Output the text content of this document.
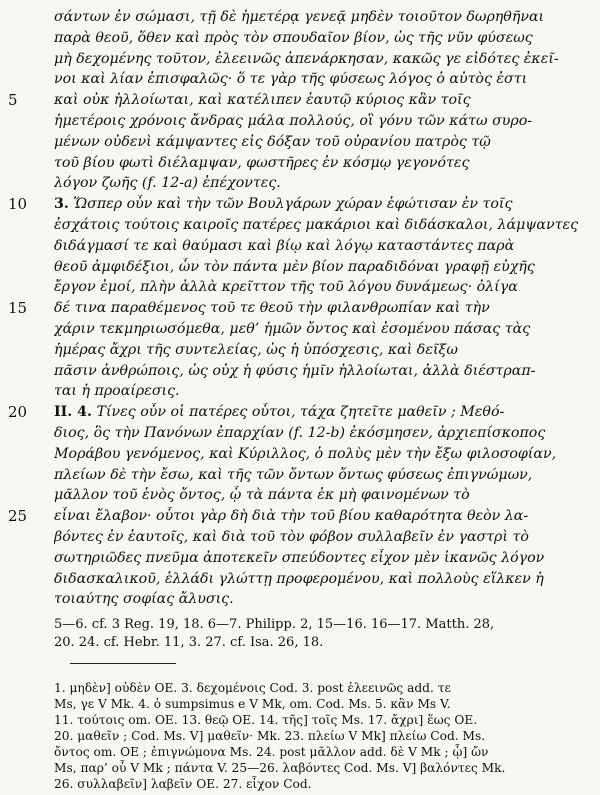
σάντων ἐν σώμασι, τῇ δὲ ἡμετέρᾳ γενεᾷ μηδὲν τοιοῦτον δωρηθῆναι
παρὰ θεοῦ, ὅθεν καὶ πρὸς τὸν σπουδαῖον βίον, ὡς τῆς νῦν φύσεως
μὴ δεχομένης τοῦτον, ἐλεεινῶς ἀπενάρκησαν, κακῶς γε εἰδότες ἐκεῖ-
νοι καὶ λίαν ἐπισφαλῶς· ὅ τε γὰρ τῆς φύσεως λόγος ὁ αὐτὸς ἐστι
5	καὶ οὐκ ἠλλοίωται, καὶ κατέλιπεν ἑαυτῷ κύριος κἂν τοῖς
ἡμετέροις χρόνοις ἄνδρας μάλα πολλούς, οἳ γόνυ τῶν κάτω συρο-
μένων οὐδενὶ κάμψαντες εἰς δόξαν τοῦ οὐρανίου πατρὸς τῷ
τοῦ βίου φωτὶ διέλαμψαν, φωστῆρες ἐν κόσμῳ γεγονότες
λόγον ζωῆς (f. 12-a) ἐπέχοντες.
10	3. Ὥσπερ οὖν καὶ τὴν τῶν Βουλγάρων χώραν ἐφώτισαν ἐν τοῖς
ἐσχάτοις τούτοις καιροῖς πατέρες μακάριοι καὶ διδάσκαλοι, λάμψαντες
διδάγμασί τε καὶ θαύμασι καὶ βίῳ καὶ λόγῳ καταστάντες παρὰ
θεοῦ ἀμφιδέξιοι, ὧν τὸν πάντα μὲν βίον παραδιδόναι γραφῇ εὐχῆς
ἔργον ἐμοί, πλὴν ἀλλὰ κρεῖττον τῆς τοῦ λόγου δυνάμεως· ὀλίγα
15	δέ τινα παραθέμενος τοῦ τε θεοῦ τὴν φιλανθρωπίαν καὶ τὴν
χάριν τεκμηριωσόμεθα, μεθ’ ἡμῶν ὄντος καὶ ἐσομένου πάσας τὰς
ἡμέρας ἄχρι τῆς συντελείας, ὡς ἡ ὑπόσχεσις, καὶ δεῖξω
πᾶσιν ἀνθρώποις, ὡς οὐχ ἡ φύσις ἡμῖν ἠλλοίωται, ἀλλὰ διέστραπ-
ται ἡ προαίρεσις.
20	II. 4. Τίνες οὖν οἱ πατέρες οὗτοι, τάχα ζητεῖτε μαθεῖν ; Μεθό-
διος, ὃς τὴν Πανόνων ἐπαρχίαν (f. 12-b) ἐκόσμησεν, ἀρχιεπίσκοπος
Μοράβου γενόμενος, καὶ Κύριλλος, ὁ πολὺς μὲν τὴν ἔξω φιλοσοφίαν,
πλείων δὲ τὴν ἔσω, καὶ τῆς τῶν ὄντων ὄντως φύσεως ἐπιγνώμων,
μᾶλλον τοῦ ἑνὸς ὄντος, ᾧ τὰ πάντα ἐκ μὴ φαινομένων τὸ
25	εἶναι ἔλαβον· οὗτοι γὰρ δὴ διὰ τὴν τοῦ βίου καθαρότητα θεὸν λα-
βόντες ἐν ἑαυτοῖς, καὶ διὰ τοῦ τὸν φόβον συλλαβεῖν ἐν γαστρὶ τὸ
σωτηριῶδες πνεῦμα ἀποτεκεῖν σπεύδοντες εἶχον μὲν ἱκανῶς λόγον
διδασκαλικοῦ, ἑλλάδι γλώττῃ προφερομένου, καὶ πολλοὺς εἵλκεν ἡ
τοιαύτης σοφίας ἄλυσις.
5—6. cf. 3 Reg. 19, 18. 6—7. Philipp. 2, 15—16. 16—17. Matth. 28,
20. 24. cf. Hebr. 11, 3. 27. cf. Isa. 26, 18.
1. μηδὲν] οὐδὲν OE. 3. δεχομένοις Cod. 3. post ἐλεεινῶς add. τε
Ms, γε V Mk. 4. ὁ sumpsimus e V Mk, om. Cod. Ms. 5. κἂν Ms V.
11. τούτοις om. OE. 13. θεῷ OE. 14. τῆς] τοῖς Ms. 17. ἄχρι] ἕως OE.
20. μαθεῖν ; Cod. Ms. V] μαθεῖν· Mk. 23. πλείω V Mk] πλείω Cod. Ms.
ὄντος om. OE ; ἐπιγνώμονα Ms. 24. post μᾶλλον add. δὲ V Mk ; ᾧ] ὤν
Ms, παρ’ οὗ V Mk ; πάντα V. 25—26. λαβόντες Cod. Ms. V] βαλόντες Mk.
26. συλλαβεῖν] λαβεῖν OE. 27. εἶχον Cod.
